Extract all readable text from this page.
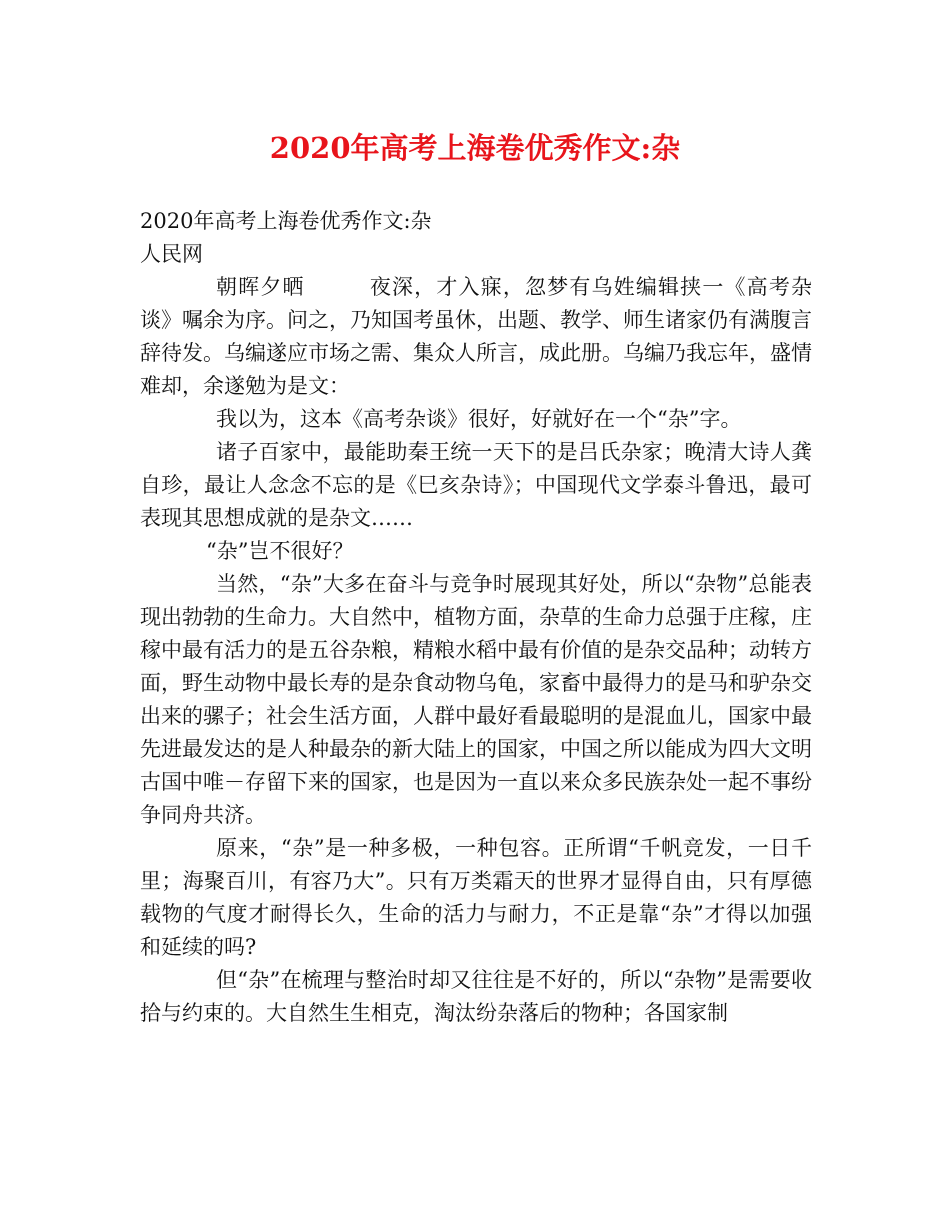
2020年高考上海卷优秀作文:杂
2020年高考上海卷优秀作文:杂
人民网

朝晖夕晒	夜深，才入寐，忽梦有乌姓编辑挟一《高考杂谈》嘱余为序。问之，乃知国考虽休，出题、教学、师生诸家仍有满腹言辞待发。乌编遂应市场之需、集众人所言，成此册。乌编乃我忘年，盛情难却，余遂勉为是文：

我以为，这本《高考杂谈》很好，好就好在一个“杂”字。

诸子百家中，最能助秦王统一天下的是吕氏杂家；晚清大诗人龚自珍，最让人念念不忘的是《巳亥杂诗》；中国现代文学泰斗鲁迅，最可表现其思想成就的是杂文……

“杂”岂不很好？

当然，“杂”大多在奋斗与竞争时展现其好处，所以“杂物”总能表现出勃勃的生命力。大自然中，植物方面，杂草的生命力总强于庄稼，庄稼中最有活力的是五谷杂粮，精粮水稻中最有价值的是杂交品种；动转方面，野生动物中最长寿的是杂食动物乌龟，家畜中最得力的是马和驴杂交出来的骡子；社会生活方面，人群中最好看最聪明的是混血儿，国家中最先进最发达的是人种最杂的新大陆上的国家，中国之所以能成为四大文明古国中唯－存留下来的国家，也是因为一直以来众多民族杂处一起不事纷争同舟共济。

原来，“杂”是一种多极，一种包容。正所谓“千帆竞发，一日千里；海聚百川，有容乃大”。只有万类霜天的世界才显得自由，只有厚德载物的气度才耐得长久，生命的活力与耐力，不正是靠“杂”才得以加强和延续的吗?

但“杂”在梳理与整治时却又往往是不好的，所以“杂物”是需要收拾与约束的。大自然生生相克，淘汰纷杂落后的物种；各国家制
